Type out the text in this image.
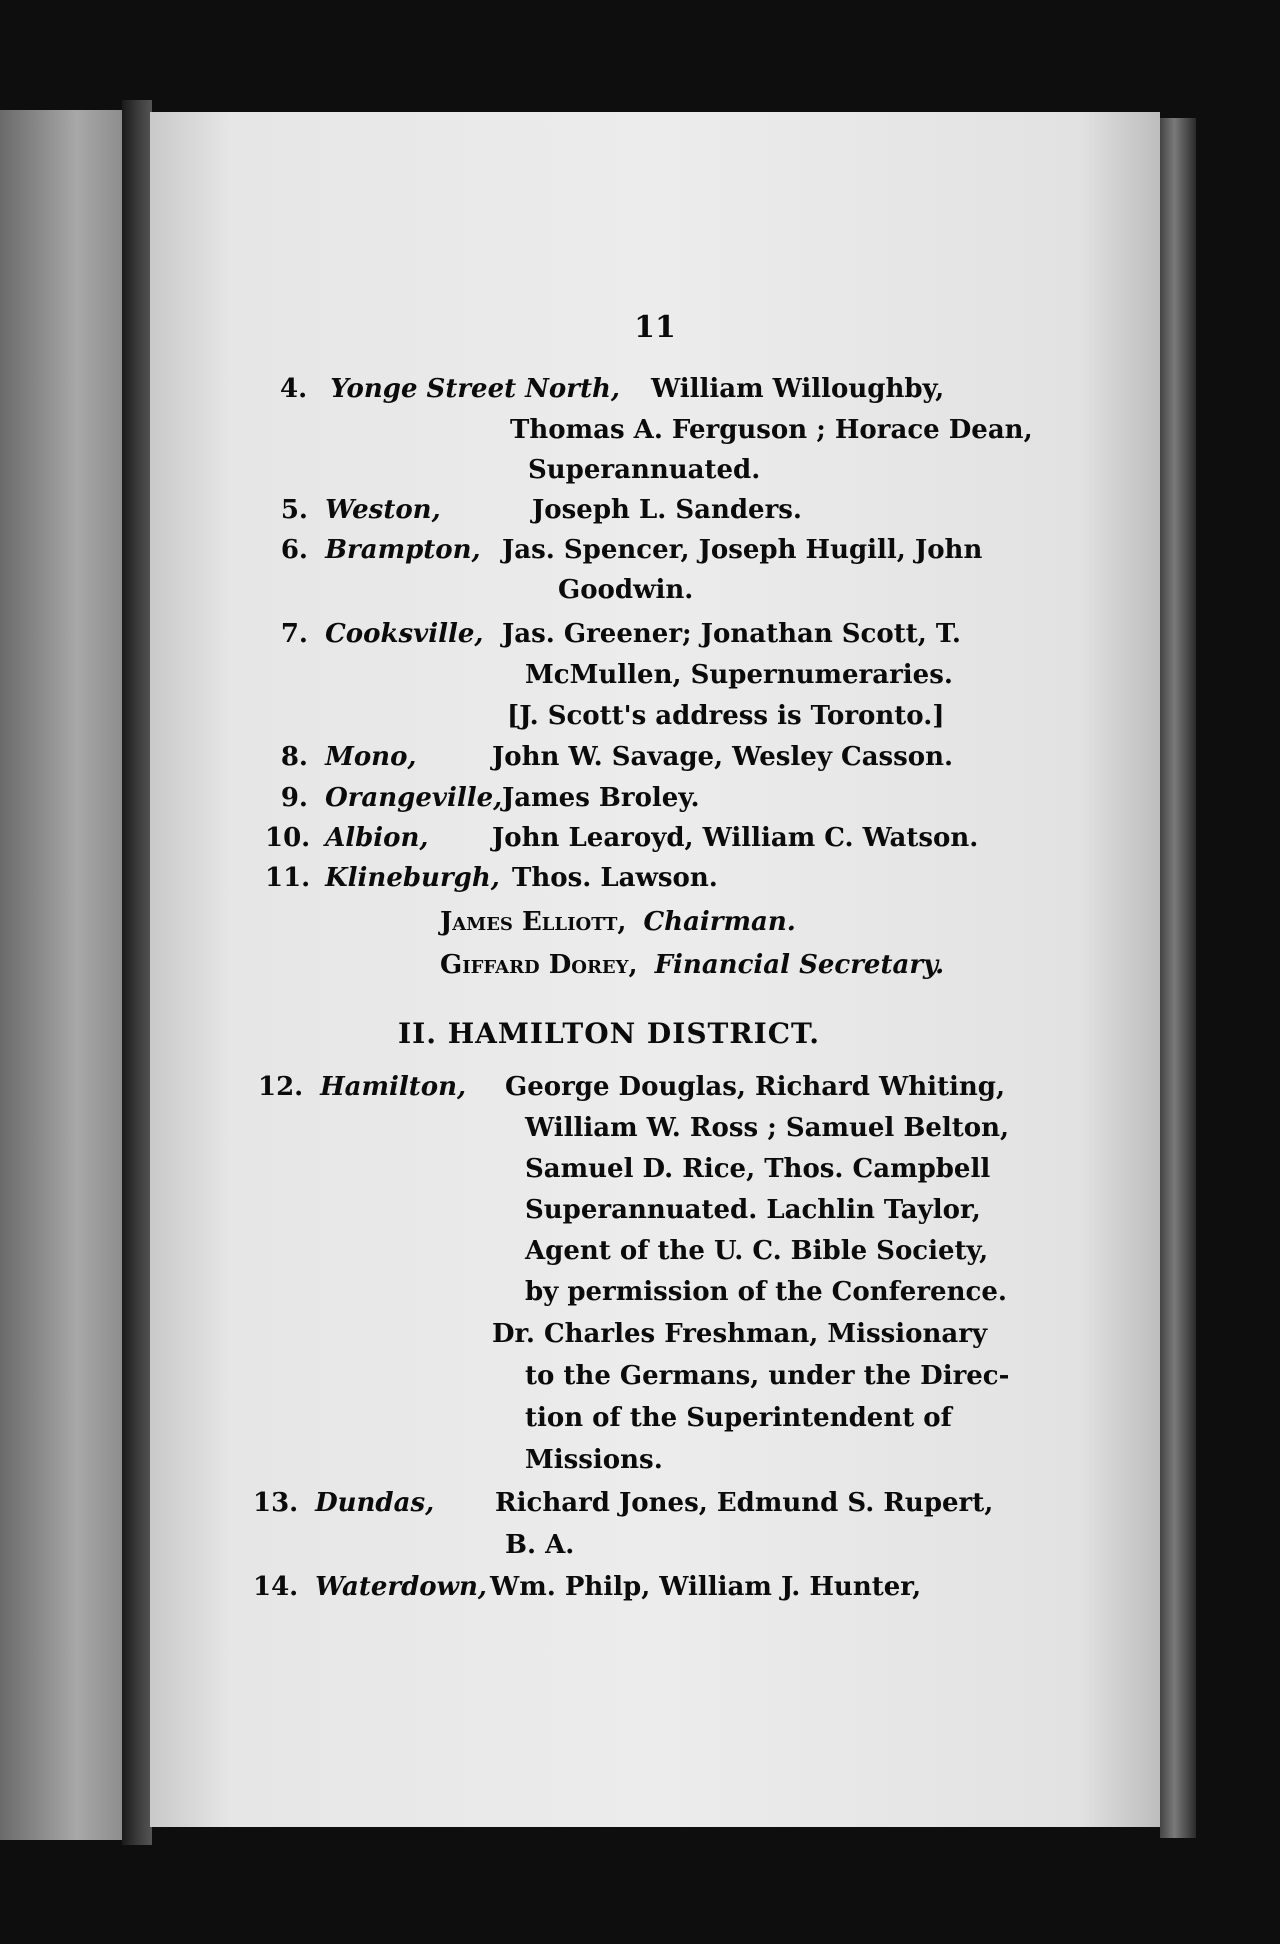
11
4. Yonge Street North, William Willoughby,
Thomas A. Ferguson ; Horace Dean,
Superannuated.
5. Weston,	Joseph L. Sanders.
6. Brampton, Jas. Spencer, Joseph Hugill, John
Goodwin.
7. Cooksville, Jas. Greener; Jonathan Scott, T.
McMullen, Supernumeraries.
[J. Scott's address is Toronto.]
8. Mono,	John W. Savage, Wesley Casson.
9. Orangeville, James Broley.
10. Albion, John Learoyd, William C. Watson.
11. Klineburgh, Thos. Lawson.
James Elliott, Chairman.
Giffard Dorey, Financial Secretary.
II. HAMILTON DISTRICT.
12. Hamilton, George Douglas, Richard Whiting,
William W. Ross ; Samuel Belton,
Samuel D. Rice, Thos. Campbell
Superannuated. Lachlin Taylor,
Agent of the U. C. Bible Society,
by permission of the Conference.
Dr. Charles Freshman, Missionary
to the Germans, under the Direc-
tion of the Superintendent of
Missions.
13. Dundas, Richard Jones, Edmund S. Rupert,
B. A.
14. Waterdown, Wm. Philp, William J. Hunter,
